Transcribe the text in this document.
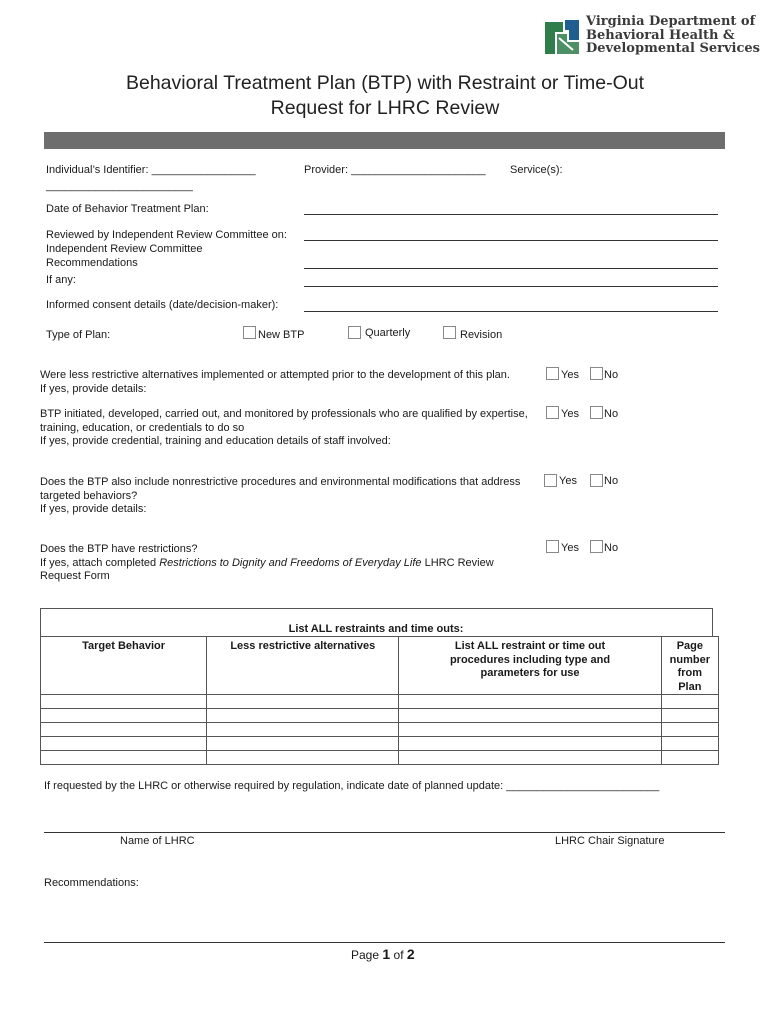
Virginia Department of
Behavioral Health &
Developmental Services
Behavioral Treatment Plan (BTP) with Restraint or Time-Out
Request for LHRC Review
Individual’s Identifier: _________________
________________________
Provider: ______________________ Service(s):
Date of Behavior Treatment Plan:
Reviewed by Independent Review Committee on:
Independent Review Committee
Recommendations
If any:
Informed consent details (date/decision-maker):
Type of Plan:	New BTP	Quarterly	Revision
Were less restrictive alternatives implemented or attempted prior to the development of this plan.
If yes, provide details:
Yes No
BTP initiated, developed, carried out, and monitored by professionals who are qualified by expertise,
training, education, or credentials to do so
If yes, provide credential, training and education details of staff involved:
Yes No
Does the BTP also include nonrestrictive procedures and environmental modifications that address
targeted behaviors?
If yes, provide details:
Yes No
Does the BTP have restrictions?
If yes, attach completed Restrictions to Dignity and Freedoms of Everyday Life LHRC Review
Request Form
Yes No
List ALL restraints and time outs:
Target Behavior	Less restrictive alternatives	List ALL restraint or time out procedures including type and parameters for use	Page number from Plan

If requested by the LHRC or otherwise required by regulation, indicate date of planned update: _________________________
Name of LHRC	LHRC Chair Signature
Recommendations:
Page 1 of 2
